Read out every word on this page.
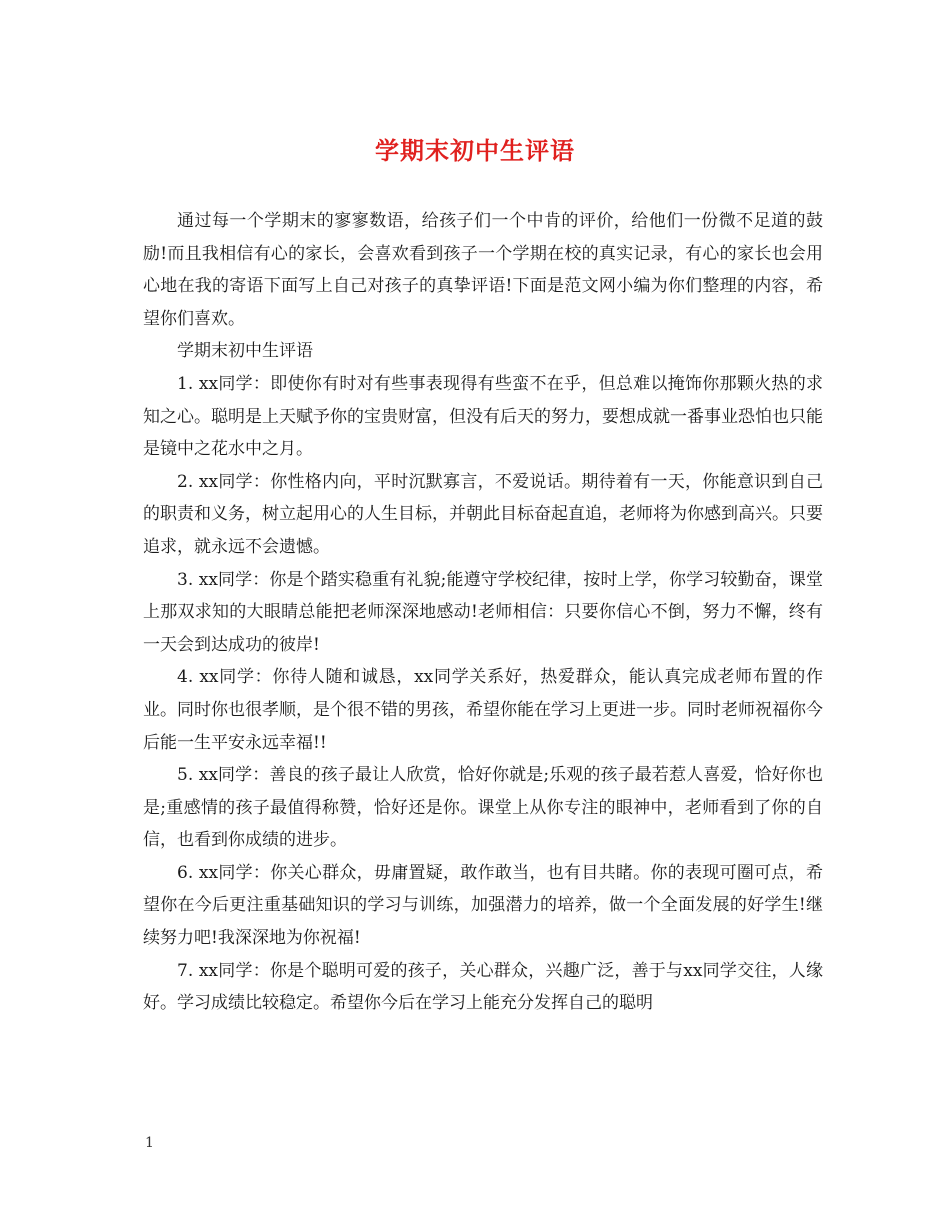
学期末初中生评语

通过每一个学期末的寥寥数语，给孩子们一个中肯的评价，给他们一份微不足道的鼓励!而且我相信有心的家长，会喜欢看到孩子一个学期在校的真实记录，有心的家长也会用心地在我的寄语下面写上自己对孩子的真挚评语!下面是范文网小编为你们整理的内容，希望你们喜欢。

学期末初中生评语

1. xx同学：即使你有时对有些事表现得有些蛮不在乎，但总难以掩饰你那颗火热的求知之心。聪明是上天赋予你的宝贵财富，但没有后天的努力，要想成就一番事业恐怕也只能是镜中之花水中之月。

2. xx同学：你性格内向，平时沉默寡言，不爱说话。期待着有一天，你能意识到自己的职责和义务，树立起用心的人生目标，并朝此目标奋起直追，老师将为你感到高兴。只要追求，就永远不会遗憾。

3. xx同学：你是个踏实稳重有礼貌;能遵守学校纪律，按时上学，你学习较勤奋，课堂上那双求知的大眼睛总能把老师深深地感动!老师相信：只要你信心不倒，努力不懈，终有一天会到达成功的彼岸!

4. xx同学：你待人随和诚恳，xx同学关系好，热爱群众，能认真完成老师布置的作业。同时你也很孝顺，是个很不错的男孩，希望你能在学习上更进一步。同时老师祝福你今后能一生平安永远幸福!!

5. xx同学：善良的孩子最让人欣赏，恰好你就是;乐观的孩子最若惹人喜爱，恰好你也是;重感情的孩子最值得称赞，恰好还是你。课堂上从你专注的眼神中，老师看到了你的自信，也看到你成绩的进步。

6. xx同学：你关心群众，毋庸置疑，敢作敢当，也有目共睹。你的表现可圈可点，希望你在今后更注重基础知识的学习与训练，加强潜力的培养，做一个全面发展的好学生!继续努力吧!我深深地为你祝福!

7. xx同学：你是个聪明可爱的孩子，关心群众，兴趣广泛，善于与xx同学交往，人缘好。学习成绩比较稳定。希望你今后在学习上能充分发挥自己的聪明

1
